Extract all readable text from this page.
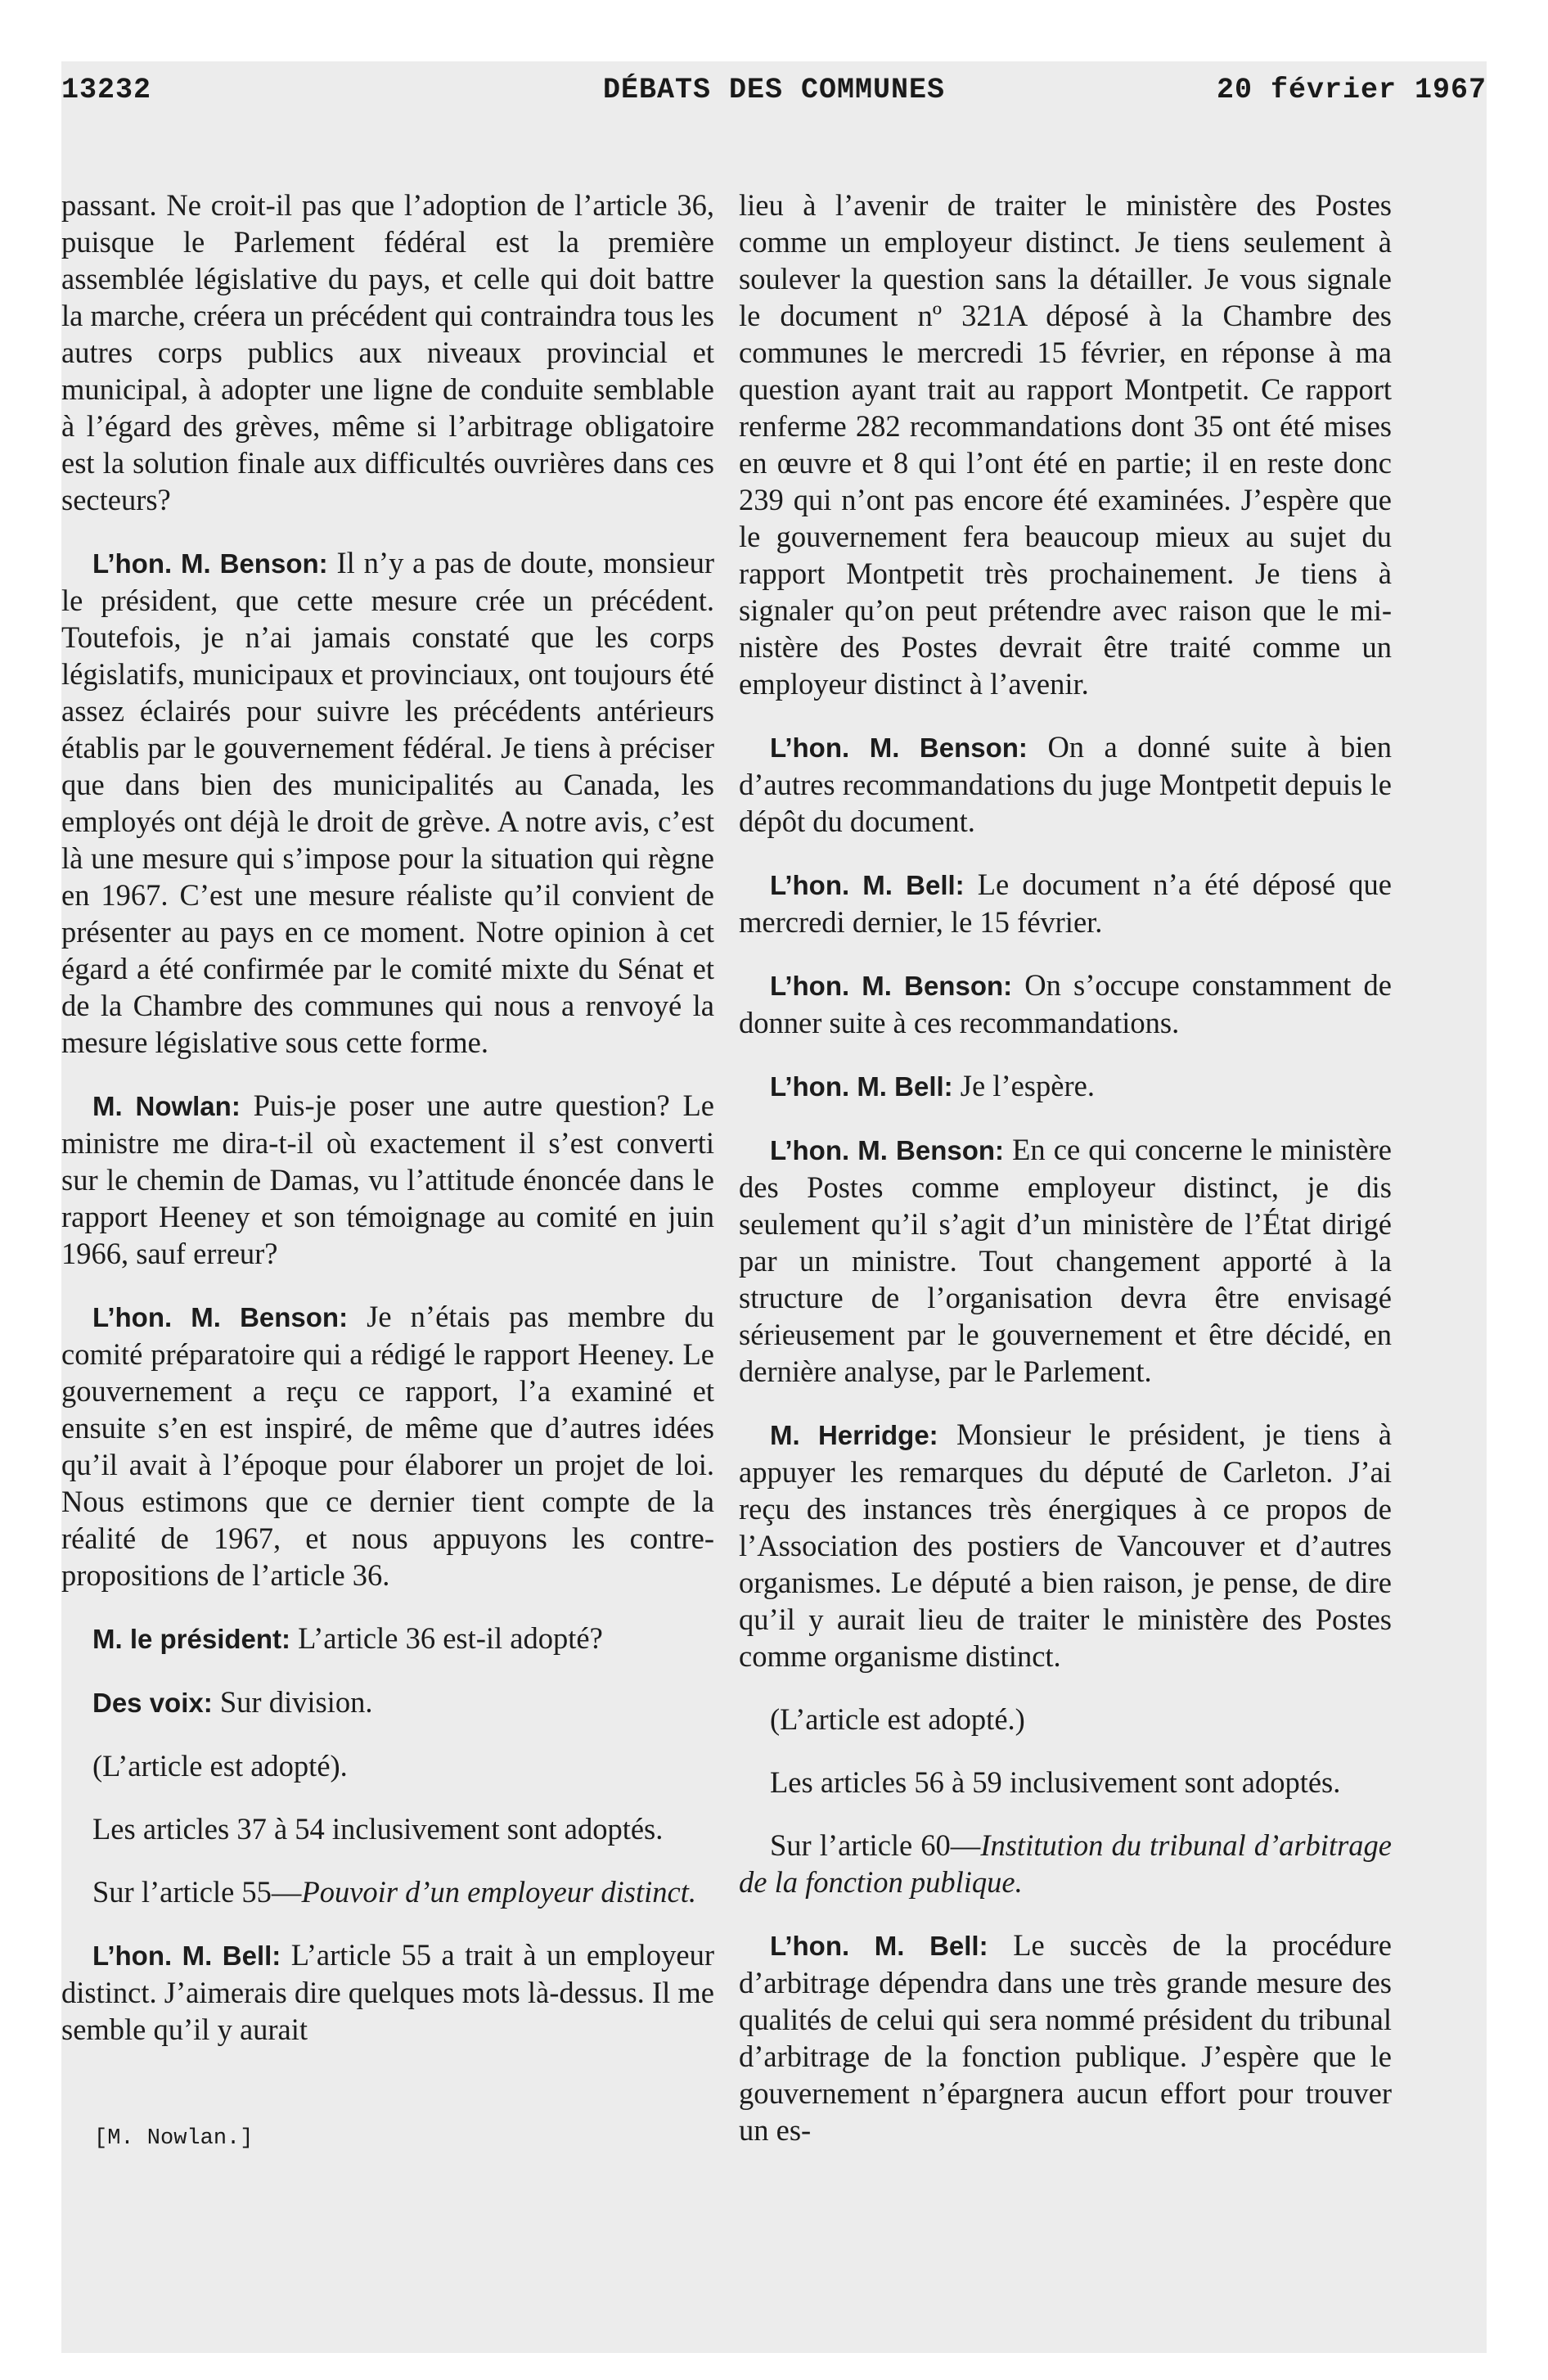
13232	DÉBATS DES COMMUNES	20 février 1967

passant. Ne croit-il pas que l’adoption de l’article 36, puisque le Parlement fédéral est la première assemblée législative du pays, et celle qui doit battre la marche, créera un précédent qui contraindra tous les autres corps publics aux niveaux provincial et municipal, à adopter une ligne de conduite semblable à l’égard des grèves, même si l’arbitrage obligatoire est la solution finale aux difficultés ouvrières dans ces secteurs?

L’hon. M. Benson: Il n’y a pas de doute, monsieur le président, que cette mesure crée un précédent. Toutefois, je n’ai jamais constaté que les corps législatifs, municipaux et provinciaux, ont toujours été assez éclairés pour suivre les précédents antérieurs établis par le gouvernement fédéral. Je tiens à préciser que dans bien des municipalités au Canada, les employés ont déjà le droit de grève. A notre avis, c’est là une mesure qui s’impose pour la situation qui règne en 1967. C’est une mesure réaliste qu’il convient de présenter au pays en ce moment. Notre opinion à cet égard a été confirmée par le comité mixte du Sénat et de la Chambre des communes qui nous a renvoyé la mesure législative sous cette forme.

M. Nowlan: Puis-je poser une autre question? Le ministre me dira-t-il où exactement il s’est converti sur le chemin de Damas, vu l’attitude énoncée dans le rapport Heeney et son témoignage au comité en juin 1966, sauf erreur?

L’hon. M. Benson: Je n’étais pas membre du comité préparatoire qui a rédigé le rapport Heeney. Le gouvernement a reçu ce rapport, l’a examiné et ensuite s’en est inspiré, de même que d’autres idées qu’il avait à l’époque pour élaborer un projet de loi. Nous estimons que ce dernier tient compte de la réalité de 1967, et nous appuyons les contre-propositions de l’article 36.

M. le président: L’article 36 est-il adopté?

Des voix: Sur division.

(L’article est adopté).

Les articles 37 à 54 inclusivement sont adoptés.

Sur l’article 55—Pouvoir d’un employeur distinct.

L’hon. M. Bell: L’article 55 a trait à un employeur distinct. J’aimerais dire quelques mots là-dessus. Il me semble qu’il y aurait

[M. Nowlan.]

lieu à l’avenir de traiter le ministère des Postes comme un employeur distinct. Je tiens seulement à soulever la question sans la détailler. Je vous signale le document nº 321A déposé à la Chambre des communes le mercredi 15 février, en réponse à ma question ayant trait au rapport Montpetit. Ce rapport renferme 282 recommandations dont 35 ont été mises en œuvre et 8 qui l’ont été en partie; il en reste donc 239 qui n’ont pas encore été examinées. J’espère que le gouvernement fera beaucoup mieux au sujet du rapport Montpetit très prochainement. Je tiens à signaler qu’on peut prétendre avec raison que le ministère des Postes devrait être traité comme un employeur distinct à l’avenir.

L’hon. M. Benson: On a donné suite à bien d’autres recommandations du juge Montpetit depuis le dépôt du document.

L’hon. M. Bell: Le document n’a été déposé que mercredi dernier, le 15 février.

L’hon. M. Benson: On s’occupe constamment de donner suite à ces recommandations.

L’hon. M. Bell: Je l’espère.

L’hon. M. Benson: En ce qui concerne le ministère des Postes comme employeur distinct, je dis seulement qu’il s’agit d’un ministère de l’État dirigé par un ministre. Tout changement apporté à la structure de l’organisation devra être envisagé sérieusement par le gouvernement et être décidé, en dernière analyse, par le Parlement.

M. Herridge: Monsieur le président, je tiens à appuyer les remarques du député de Carleton. J’ai reçu des instances très énergiques à ce propos de l’Association des postiers de Vancouver et d’autres organismes. Le député a bien raison, je pense, de dire qu’il y aurait lieu de traiter le ministère des Postes comme organisme distinct.

(L’article est adopté.)

Les articles 56 à 59 inclusivement sont adoptés.

Sur l’article 60—Institution du tribunal d’arbitrage de la fonction publique.

L’hon. M. Bell: Le succès de la procédure d’arbitrage dépendra dans une très grande mesure des qualités de celui qui sera nommé président du tribunal d’arbitrage de la fonction publique. J’espère que le gouvernement n’épargnera aucun effort pour trouver un es-
